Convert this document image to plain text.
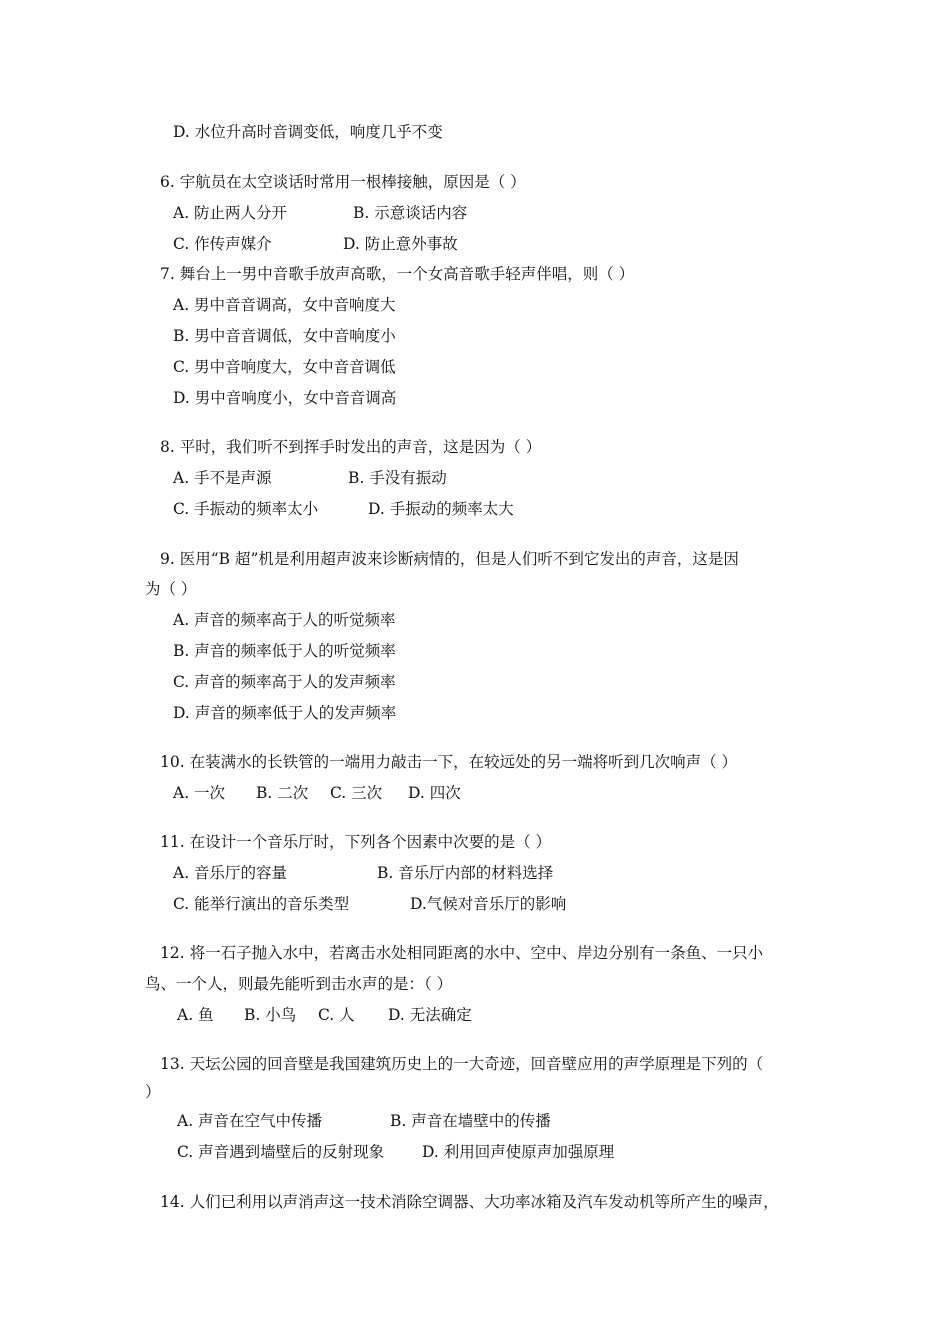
D. 水位升高时音调变低，响度几乎不变
6. 宇航员在太空谈话时常用一根棒接触，原因是（ ）
A. 防止两人分开	B. 示意谈话内容
C. 作传声媒介	D. 防止意外事故
7. 舞台上一男中音歌手放声高歌，一个女高音歌手轻声伴唱，则（ ）
A. 男中音音调高，女中音响度大
B. 男中音音调低，女中音响度小
C. 男中音响度大，女中音音调低
D. 男中音响度小，女中音音调高
8. 平时，我们听不到挥手时发出的声音，这是因为（ ）
A. 手不是声源	B. 手没有振动
C. 手振动的频率太小	D. 手振动的频率太大
9. 医用“B 超”机是利用超声波来诊断病情的，但是人们听不到它发出的声音，这是因
为（ ）
A. 声音的频率高于人的听觉频率
B. 声音的频率低于人的听觉频率
C. 声音的频率高于人的发声频率
D. 声音的频率低于人的发声频率
10. 在装满水的长铁管的一端用力敲击一下，在较远处的另一端将听到几次响声（ ）
A. 一次 B. 二次 C. 三次 D. 四次
11. 在设计一个音乐厅时，下列各个因素中次要的是（ ）
A. 音乐厅的容量	B. 音乐厅内部的材料选择
C. 能举行演出的音乐类型	D.气候对音乐厅的影响
12. 将一石子抛入水中，若离击水处相同距离的水中、空中、岸边分别有一条鱼、一只小
鸟、一个人，则最先能听到击水声的是：（ ）
A. 鱼 B. 小鸟 C. 人 D. 无法确定
13. 天坛公园的回音壁是我国建筑历史上的一大奇迹，回音壁应用的声学原理是下列的（
）
A. 声音在空气中传播	B. 声音在墙壁中的传播
C. 声音遇到墙壁后的反射现象 D. 利用回声使原声加强原理
14. 人们已利用以声消声这一技术消除空调器、大功率冰箱及汽车发动机等所产生的噪声，
